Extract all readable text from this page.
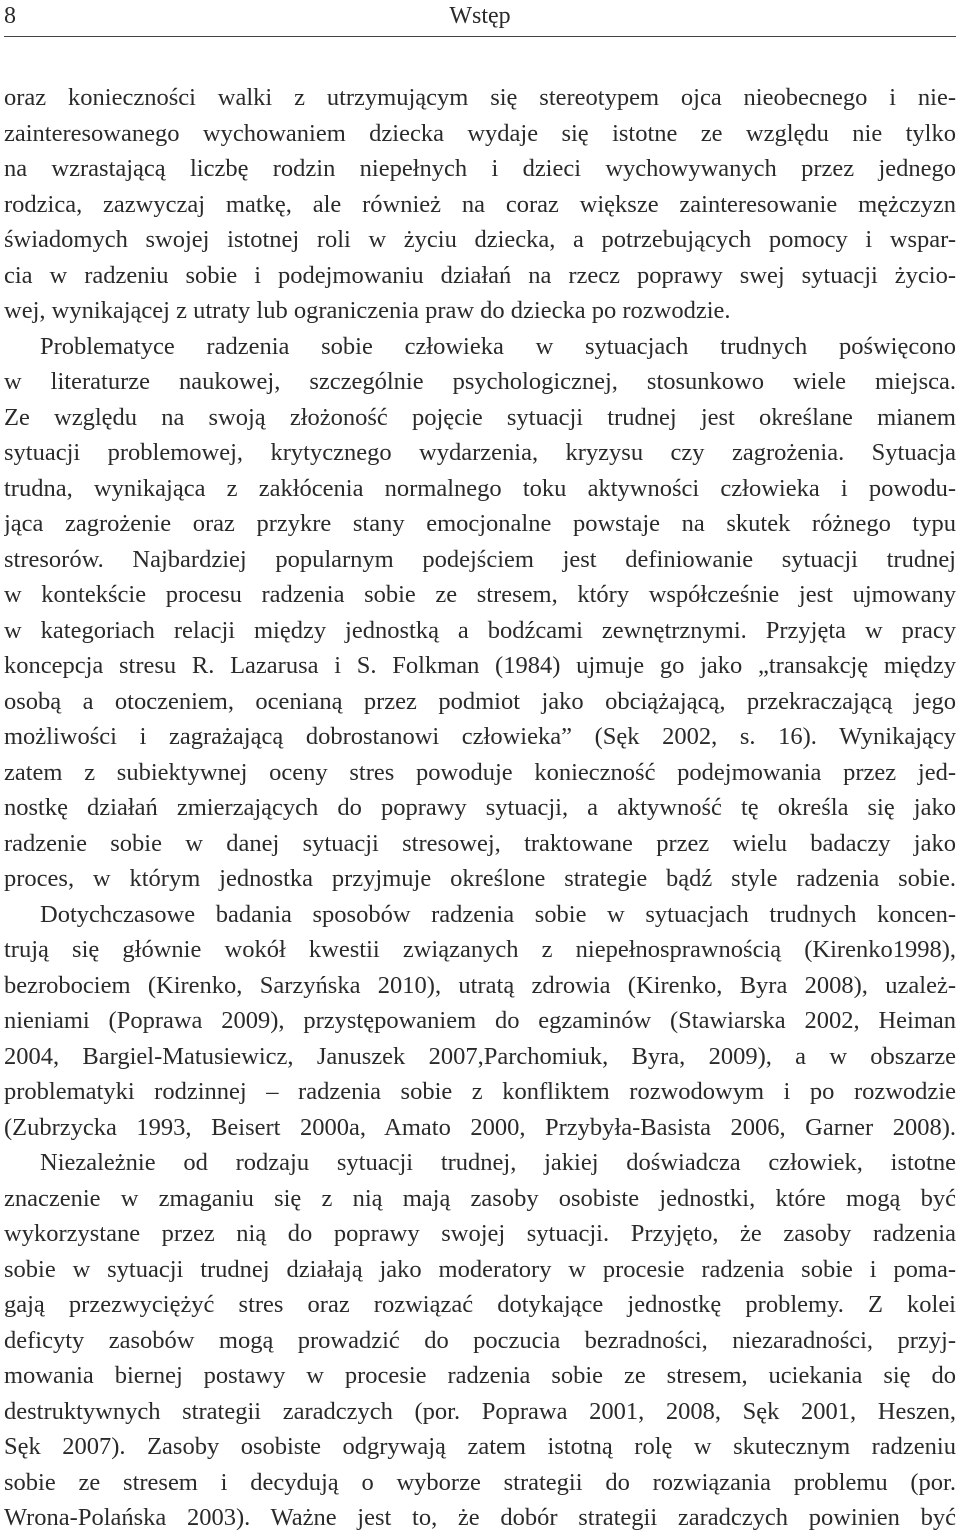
8	Wstęp
oraz konieczności walki z utrzymującym się stereotypem ojca nieobecnego i nie-
zainteresowanego wychowaniem dziecka wydaje się istotne ze względu nie tylko
na wzrastającą liczbę rodzin niepełnych i dzieci wychowywanych przez jednego
rodzica, zazwyczaj matkę, ale również na coraz większe zainteresowanie mężczyzn
świadomych swojej istotnej roli w życiu dziecka, a potrzebujących pomocy i wspar-
cia w radzeniu sobie i podejmowaniu działań na rzecz poprawy swej sytuacji życio-
wej, wynikającej z utraty lub ograniczenia praw do dziecka po rozwodzie.
Problematyce radzenia sobie człowieka w sytuacjach trudnych poświęcono
w literaturze naukowej, szczególnie psychologicznej, stosunkowo wiele miejsca.
Ze względu na swoją złożoność pojęcie sytuacji trudnej jest określane mianem
sytuacji problemowej, krytycznego wydarzenia, kryzysu czy zagrożenia. Sytuacja
trudna, wynikająca z zakłócenia normalnego toku aktywności człowieka i powodu-
jąca zagrożenie oraz przykre stany emocjonalne powstaje na skutek różnego typu
stresorów. Najbardziej popularnym podejściem jest definiowanie sytuacji trudnej
w kontekście procesu radzenia sobie ze stresem, który współcześnie jest ujmowany
w kategoriach relacji między jednostką a bodźcami zewnętrznymi. Przyjęta w pracy
koncepcja stresu R. Lazarusa i S. Folkman (1984) ujmuje go jako „transakcję między
osobą a otoczeniem, ocenianą przez podmiot jako obciążającą, przekraczającą jego
możliwości i zagrażającą dobrostanowi człowieka” (Sęk 2002, s. 16). Wynikający
zatem z subiektywnej oceny stres powoduje konieczność podejmowania przez jed-
nostkę działań zmierzających do poprawy sytuacji, a aktywność tę określa się jako
radzenie sobie w danej sytuacji stresowej, traktowane przez wielu badaczy jako
proces, w którym jednostka przyjmuje określone strategie bądź style radzenia sobie.
Dotychczasowe badania sposobów radzenia sobie w sytuacjach trudnych koncen-
trują się głównie wokół kwestii związanych z niepełnosprawnością (Kirenko1998),
bezrobociem (Kirenko, Sarzyńska 2010), utratą zdrowia (Kirenko, Byra 2008), uzależ-
nieniami (Poprawa 2009), przystępowaniem do egzaminów (Stawiarska 2002, Heiman
2004, Bargiel-Matusiewicz, Januszek 2007,Parchomiuk, Byra, 2009), a w obszarze
problematyki rodzinnej – radzenia sobie z konfliktem rozwodowym i po rozwodzie
(Zubrzycka 1993, Beisert 2000a, Amato 2000, Przybyła-Basista 2006, Garner 2008).
Niezależnie od rodzaju sytuacji trudnej, jakiej doświadcza człowiek, istotne
znaczenie w zmaganiu się z nią mają zasoby osobiste jednostki, które mogą być
wykorzystane przez nią do poprawy swojej sytuacji. Przyjęto, że zasoby radzenia
sobie w sytuacji trudnej działają jako moderatory w procesie radzenia sobie i poma-
gają przezwyciężyć stres oraz rozwiązać dotykające jednostkę problemy. Z kolei
deficyty zasobów mogą prowadzić do poczucia bezradności, niezaradności, przyj-
mowania biernej postawy w procesie radzenia sobie ze stresem, uciekania się do
destruktywnych strategii zaradczych (por. Poprawa 2001, 2008, Sęk 2001, Heszen,
Sęk 2007). Zasoby osobiste odgrywają zatem istotną rolę w skutecznym radzeniu
sobie ze stresem i decydują o wyborze strategii do rozwiązania problemu (por.
Wrona-Polańska 2003). Ważne jest to, że dobór strategii zaradczych powinien być
